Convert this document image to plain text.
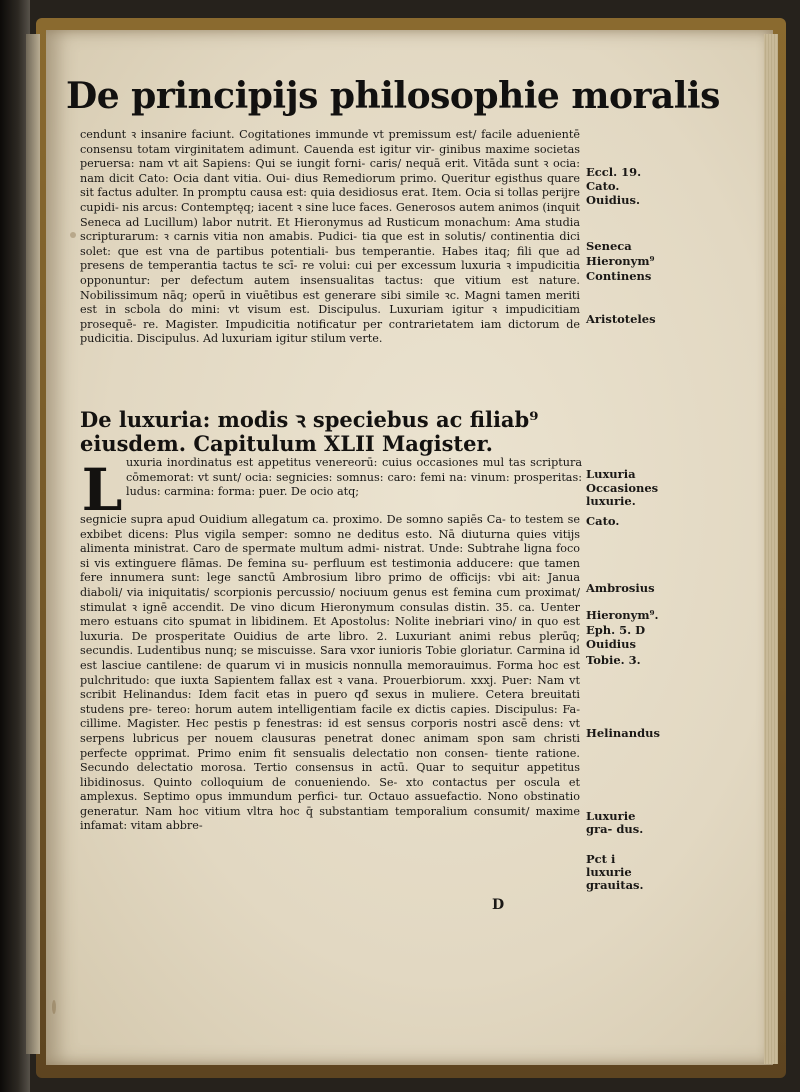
De principijs philosophie moralis
cendunt ꝛ insanire faciunt. Cogitationes immunde vt premissum est/ facile aduenientē consensu totam virginitatem adimunt. Cauenda est igitur vir- ginibus maxime societas peruersa: nam vt ait Sapiens: Qui se iungit forni- caris/ nequā erit. Vitāda sunt ꝛ ocia: nam dicit Cato: Ocia dant vitia. Oui- dius Remediorum primo. Queritur egisthus quare sit factus adulter. In promptu causa est: quia desidiosus erat. Item. Ocia si tollas perijre cupidi- nis arcus: Contemptęq; iacent ꝛ sine luce faces. Generosos autem animos (inquit Seneca ad Lucillum) labor nutrit. Et Hieronymus ad Rusticum monachum: Ama studia scripturarum: ꝛ carnis vitia non amabis. Pudici- tia que est in solutis/ continentia dici solet: que est vna de partibus potentiali- bus temperantie. Habes itaq; fili que ad presens de temperantia tactus te scī- re volui: cui per excessum luxuria ꝛ impudicitia opponuntur: per defectum autem insensualitas tactus: que vitium est nature. Nobilissimum nāq; operū in viuētibus est generare sibi simile ꝛc. Magni tamen meriti est in scbola do mini: vt visum est. Discipulus. Luxuriam igitur ꝛ impudicitiam prosequē- re. Magister. Impudicitia notificatur per contrarietatem iam dictorum de pudicitia. Discipulus. Ad luxuriam igitur stilum verte.
De luxuria: modis ꝛ speciebus ac filiab⁹ eiusdem. Capitulum XLII Magister.
L uxuria inordinatus est appetitus venereorū: cuius occasiones mul tas scriptura cōmemorat: vt sunt/ ocia: segnicies: somnus: caro: femi na: vinum: prosperitas: ludus: carmina: forma: puer. De ocio atq;
segnicie supra apud Ouidium allegatum ca. proximo. De somno sapiēs Ca- to testem se exbibet dicens: Plus vigila semper: somno ne deditus esto. Nā diuturna quies vitijs alimenta ministrat. Caro de spermate multum admi- nistrat. Unde: Subtrahe ligna foco si vis extinguere flāmas. De femina su- perfluum est testimonia adducere: que tamen fere innumera sunt: lege sanctū Ambrosium libro primo de officijs: vbi ait: Janua diaboli/ via iniquitatis/ scorpionis percussio/ nociuum genus est femina cum proximat/ stimulat ꝛ ignē accendit. De vino dicum Hieronymum consulas distin. 35. ca. Uenter mero estuans cito spumat in libidinem. Et Apostolus: Nolite inebriari vino/ in quo est luxuria. De prosperitate Ouidius de arte libro. 2. Luxuriant animi rebus plerūq; secundis. Ludentibus nunq; se miscuisse. Sara vxor iunioris Tobie gloriatur. Carmina id est lasciue cantilene: de quarum vi in musicis nonnulla memorauimus. Forma hoc est pulchritudo: que iuxta Sapientem fallax est ꝛ vana. Prouerbiorum. xxxj. Puer: Nam vt scribit Helinandus: Idem facit etas in puero qđ sexus in muliere. Cetera breuitati studens pre- tereo: horum autem intelligentiam facile ex dictis capies. Discipulus: Fa- cillime. Magister. Hec pestis p fenestras: id est sensus corporis nostri ascē dens: vt serpens lubricus per nouem clausuras penetrat donec animam spon sam christi perfecte opprimat. Primo enim fit sensualis delectatio non consen- tiente ratione. Secundo delectatio morosa. Tertio consensus in actū. Quar to sequitur appetitus libidinosus. Quinto colloquium de conueniendo. Se- xto contactus per oscula et amplexus. Septimo opus immundum perfici- tur. Octauo assuefactio. Nono obstinatio generatur. Nam hoc vitium vltra hoc q̄ substantiam temporalium consumit/ maxime infamat: vitam abbre-
Eccl. 19.
Cato.
Ouidius.
Seneca
Hieronym⁹
Continens
Aristoteles
Luxuria
Occasiones luxurie.
Cato.
Ambrosius
Hieronym⁹.
Eph. 5. D
Ouidius
Tobie. 3.
Helinandus
Luxurie gra- dus.
Pct i luxurie grauitas.
D
